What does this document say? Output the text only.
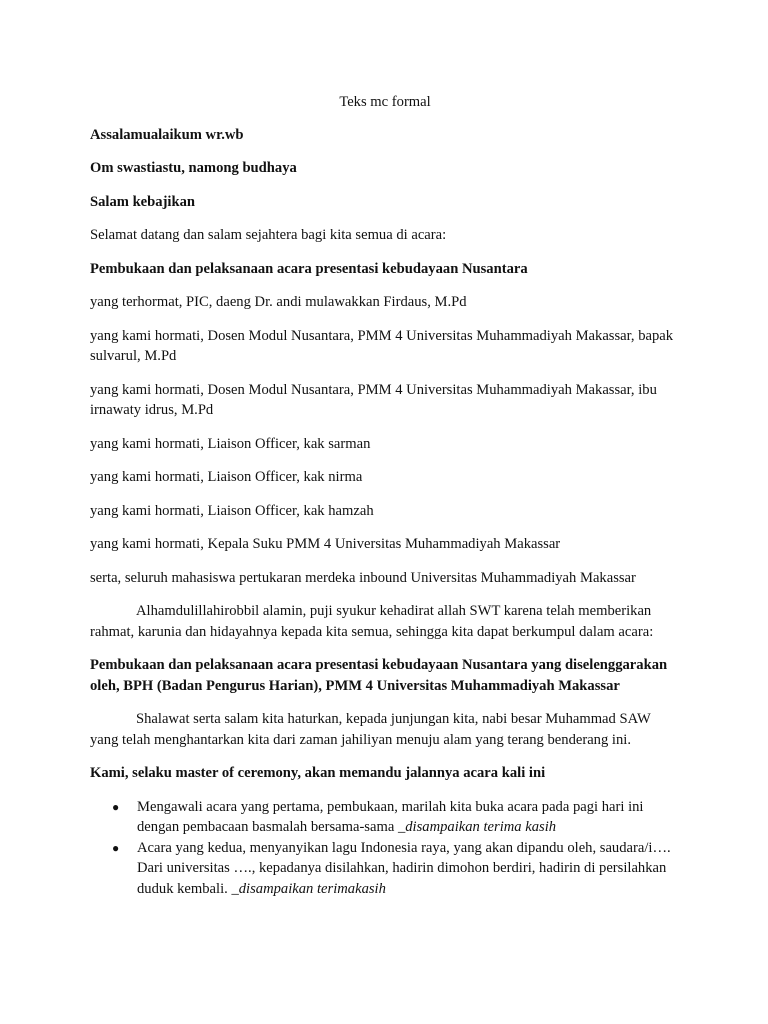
Teks mc formal

Assalamualaikum wr.wb

Om swastiastu, namong budhaya

Salam kebajikan

Selamat datang dan salam sejahtera bagi kita semua di acara:

Pembukaan dan pelaksanaan acara presentasi kebudayaan Nusantara

yang terhormat, PIC, daeng Dr. andi mulawakkan Firdaus, M.Pd

yang kami hormati, Dosen Modul Nusantara, PMM 4 Universitas Muhammadiyah Makassar, bapak sulvarul, M.Pd

yang kami hormati, Dosen Modul Nusantara, PMM 4 Universitas Muhammadiyah Makassar, ibu irnawaty idrus, M.Pd

yang kami hormati, Liaison Officer, kak sarman

yang kami hormati, Liaison Officer, kak nirma

yang kami hormati, Liaison Officer, kak hamzah

yang kami hormati, Kepala Suku PMM 4 Universitas Muhammadiyah Makassar

serta, seluruh mahasiswa pertukaran merdeka inbound Universitas Muhammadiyah Makassar

Alhamdulillahirobbil alamin, puji syukur kehadirat allah SWT karena telah memberikan rahmat, karunia dan hidayahnya kepada kita semua, sehingga kita dapat berkumpul dalam acara:

Pembukaan dan pelaksanaan acara presentasi kebudayaan Nusantara yang diselenggarakan oleh, BPH (Badan Pengurus Harian), PMM 4 Universitas Muhammadiyah Makassar

Shalawat serta salam kita haturkan, kepada junjungan kita, nabi besar Muhammad SAW yang telah menghantarkan kita dari zaman jahiliyan menuju alam yang terang benderang ini.

Kami, selaku master of ceremony, akan memandu jalannya acara kali ini

● Mengawali acara yang pertama, pembukaan, marilah kita buka acara pada pagi hari ini dengan pembacaan basmalah bersama-sama _disampaikan terima kasih
● Acara yang kedua, menyanyikan lagu Indonesia raya, yang akan dipandu oleh, saudara/i…. Dari universitas …., kepadanya disilahkan, hadirin dimohon berdiri, hadirin di persilahkan duduk kembali. _disampaikan terimakasih
